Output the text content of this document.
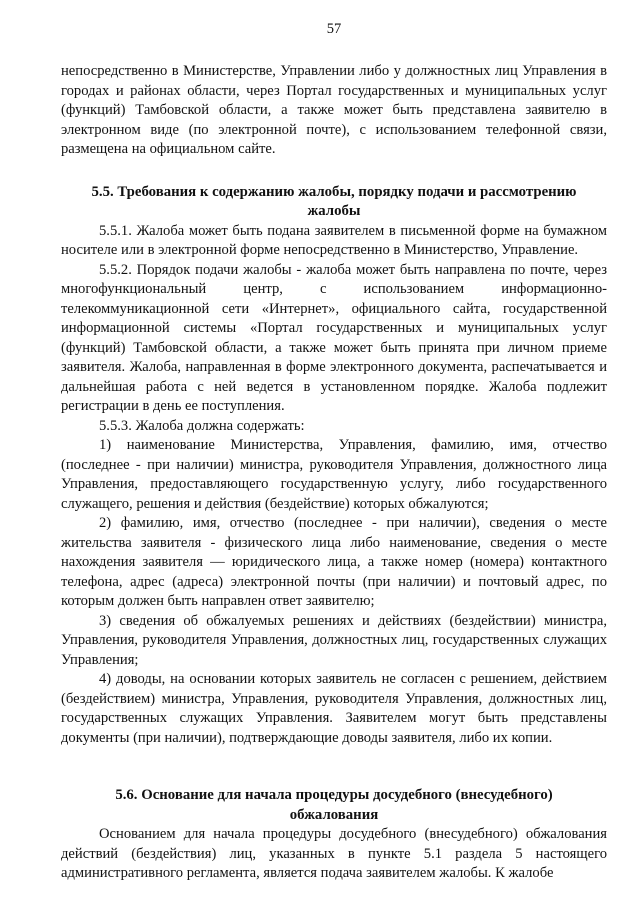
57

непосредственно в Министерстве, Управлении либо у должностных лиц Управления в городах и районах области, через Портал государственных и муниципальных услуг (функций) Тамбовской области, а также может быть представлена заявителю в электронном виде (по электронной почте), с использованием телефонной связи, размещена на официальном сайте.

5.5. Требования к содержанию жалобы, порядку подачи и рассмотрению
жалобы

5.5.1. Жалоба может быть подана заявителем в письменной форме на бумажном носителе или в электронной форме непосредственно в Министерство, Управление.

5.5.2. Порядок подачи жалобы - жалоба может быть направлена по почте, через многофункциональный центр, с использованием информационно-телекоммуникационной сети «Интернет», официального сайта, государственной информационной системы «Портал государственных и муниципальных услуг (функций) Тамбовской области, а также может быть принята при личном приеме заявителя. Жалоба, направленная в форме электронного документа, распечатывается и дальнейшая работа с ней ведется в установленном порядке. Жалоба подлежит регистрации в день ее поступления.

5.5.3. Жалоба должна содержать:

1) наименование Министерства, Управления, фамилию, имя, отчество (последнее - при наличии) министра, руководителя Управления, должностного лица Управления, предоставляющего государственную услугу, либо государственного служащего, решения и действия (бездействие) которых обжалуются;

2) фамилию, имя, отчество (последнее - при наличии), сведения о месте жительства заявителя - физического лица либо наименование, сведения о месте нахождения заявителя — юридического лица, а также номер (номера) контактного телефона, адрес (адреса) электронной почты (при наличии) и почтовый адрес, по которым должен быть направлен ответ заявителю;

3) сведения об обжалуемых решениях и действиях (бездействии) министра, Управления, руководителя Управления, должностных лиц, государственных служащих Управления;

4) доводы, на основании которых заявитель не согласен с решением, действием (бездействием) министра, Управления, руководителя Управления, должностных лиц, государственных служащих Управления. Заявителем могут быть представлены документы (при наличии), подтверждающие доводы заявителя, либо их копии.

5.6. Основание для начала процедуры досудебного (внесудебного)
обжалования

Основанием для начала процедуры досудебного (внесудебного) обжалования действий (бездействия) лиц, указанных в пункте 5.1 раздела 5 настоящего административного регламента, является подача заявителем жалобы. К жалобе
